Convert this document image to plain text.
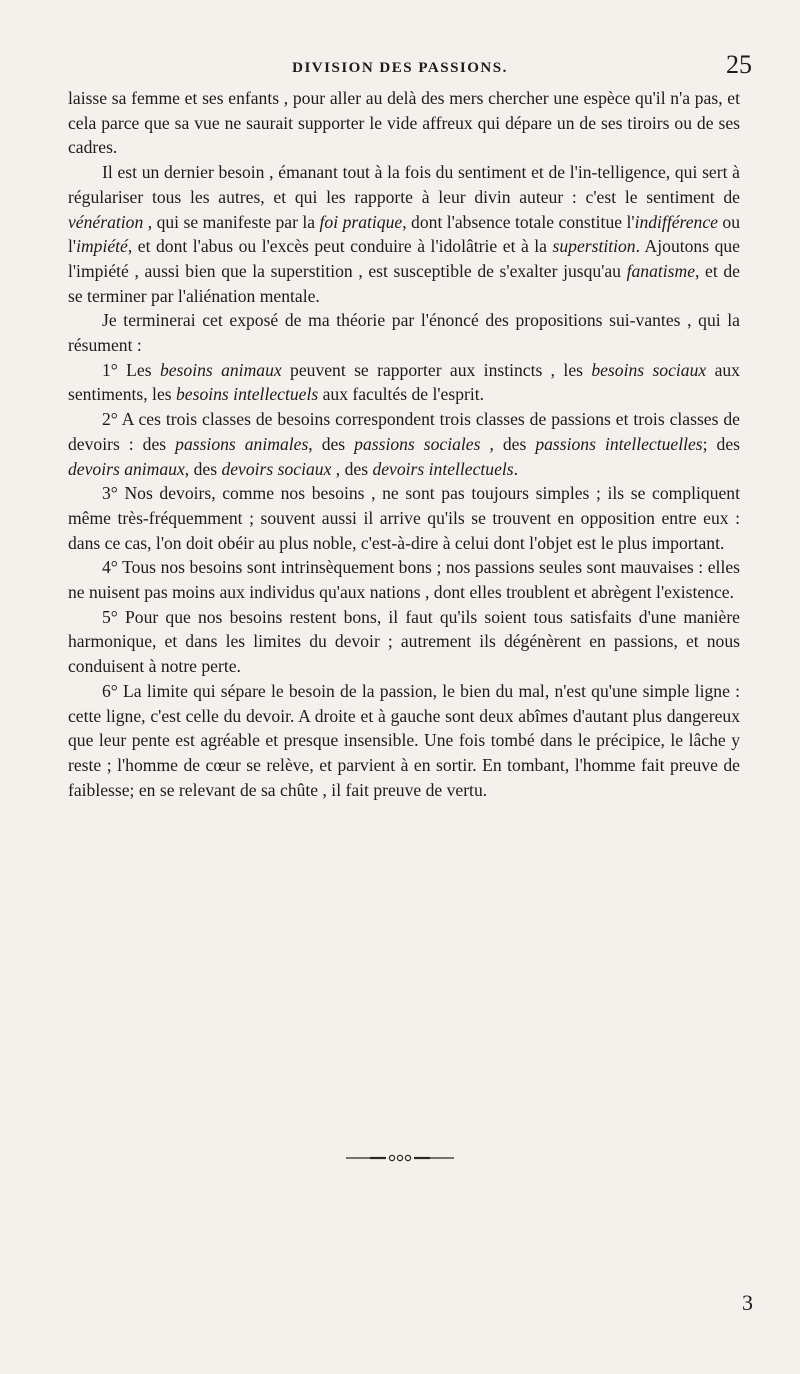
DIVISION DES PASSIONS.	25

laisse sa femme et ses enfants , pour aller au delà des mers chercher une espèce qu'il n'a pas, et cela parce que sa vue ne saurait supporter le vide affreux qui dépare un de ses tiroirs ou de ses cadres.

Il est un dernier besoin , émanant tout à la fois du sentiment et de l'in-telligence, qui sert à régulariser tous les autres, et qui les rapporte à leur divin auteur : c'est le sentiment de vénération , qui se manifeste par la foi pratique, dont l'absence totale constitue l'indifférence ou l'impiété, et dont l'abus ou l'excès peut conduire à l'idolâtrie et à la superstition. Ajoutons que l'impiété , aussi bien que la superstition , est susceptible de s'exalter jusqu'au fanatisme, et de se terminer par l'aliénation mentale.

Je terminerai cet exposé de ma théorie par l'énoncé des propositions sui-vantes , qui la résument :

1° Les besoins animaux peuvent se rapporter aux instincts , les besoins sociaux aux sentiments, les besoins intellectuels aux facultés de l'esprit.

2° A ces trois classes de besoins correspondent trois classes de passions et trois classes de devoirs : des passions animales, des passions sociales , des passions intellectuelles; des devoirs animaux, des devoirs sociaux , des devoirs intellectuels.

3° Nos devoirs, comme nos besoins , ne sont pas toujours simples ; ils se compliquent même très-fréquemment ; souvent aussi il arrive qu'ils se trouvent en opposition entre eux : dans ce cas, l'on doit obéir au plus noble, c'est-à-dire à celui dont l'objet est le plus important.

4° Tous nos besoins sont intrinsèquement bons ; nos passions seules sont mauvaises : elles ne nuisent pas moins aux individus qu'aux nations , dont elles troublent et abrègent l'existence.

5° Pour que nos besoins restent bons, il faut qu'ils soient tous satisfaits d'une manière harmonique, et dans les limites du devoir ; autrement ils dégénèrent en passions, et nous conduisent à notre perte.

6° La limite qui sépare le besoin de la passion, le bien du mal, n'est qu'une simple ligne : cette ligne, c'est celle du devoir. A droite et à gauche sont deux abîmes d'autant plus dangereux que leur pente est agréable et presque insensible. Une fois tombé dans le précipice, le lâche y reste ; l'homme de cœur se relève, et parvient à en sortir. En tombant, l'homme fait preuve de faiblesse; en se relevant de sa chûte , il fait preuve de vertu.

3
